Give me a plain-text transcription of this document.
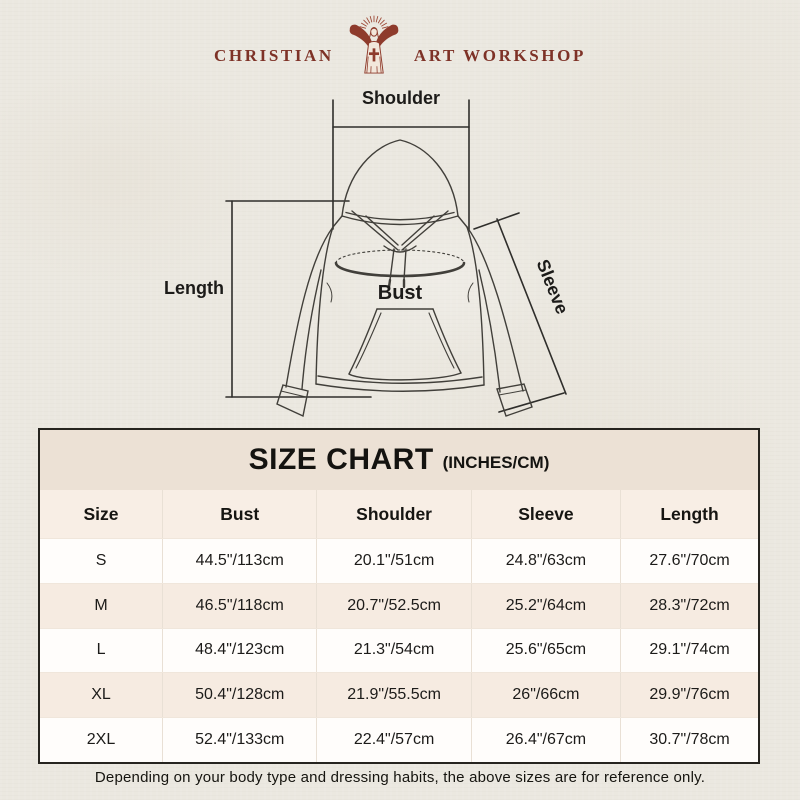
CHRISTIAN	ART WORKSHOP
Shoulder
Length	Bust	Sleeve
SIZE CHART (INCHES/CM)
Size	Bust	Shoulder	Sleeve	Length
S	44.5"/113cm	20.1"/51cm	24.8"/63cm	27.6"/70cm
M	46.5"/118cm	20.7"/52.5cm	25.2"/64cm	28.3"/72cm
L	48.4"/123cm	21.3"/54cm	25.6"/65cm	29.1"/74cm
XL	50.4"/128cm	21.9"/55.5cm	26"/66cm	29.9"/76cm
2XL	52.4"/133cm	22.4"/57cm	26.4"/67cm	30.7"/78cm
Depending on your body type and dressing habits, the above sizes are for reference only.
